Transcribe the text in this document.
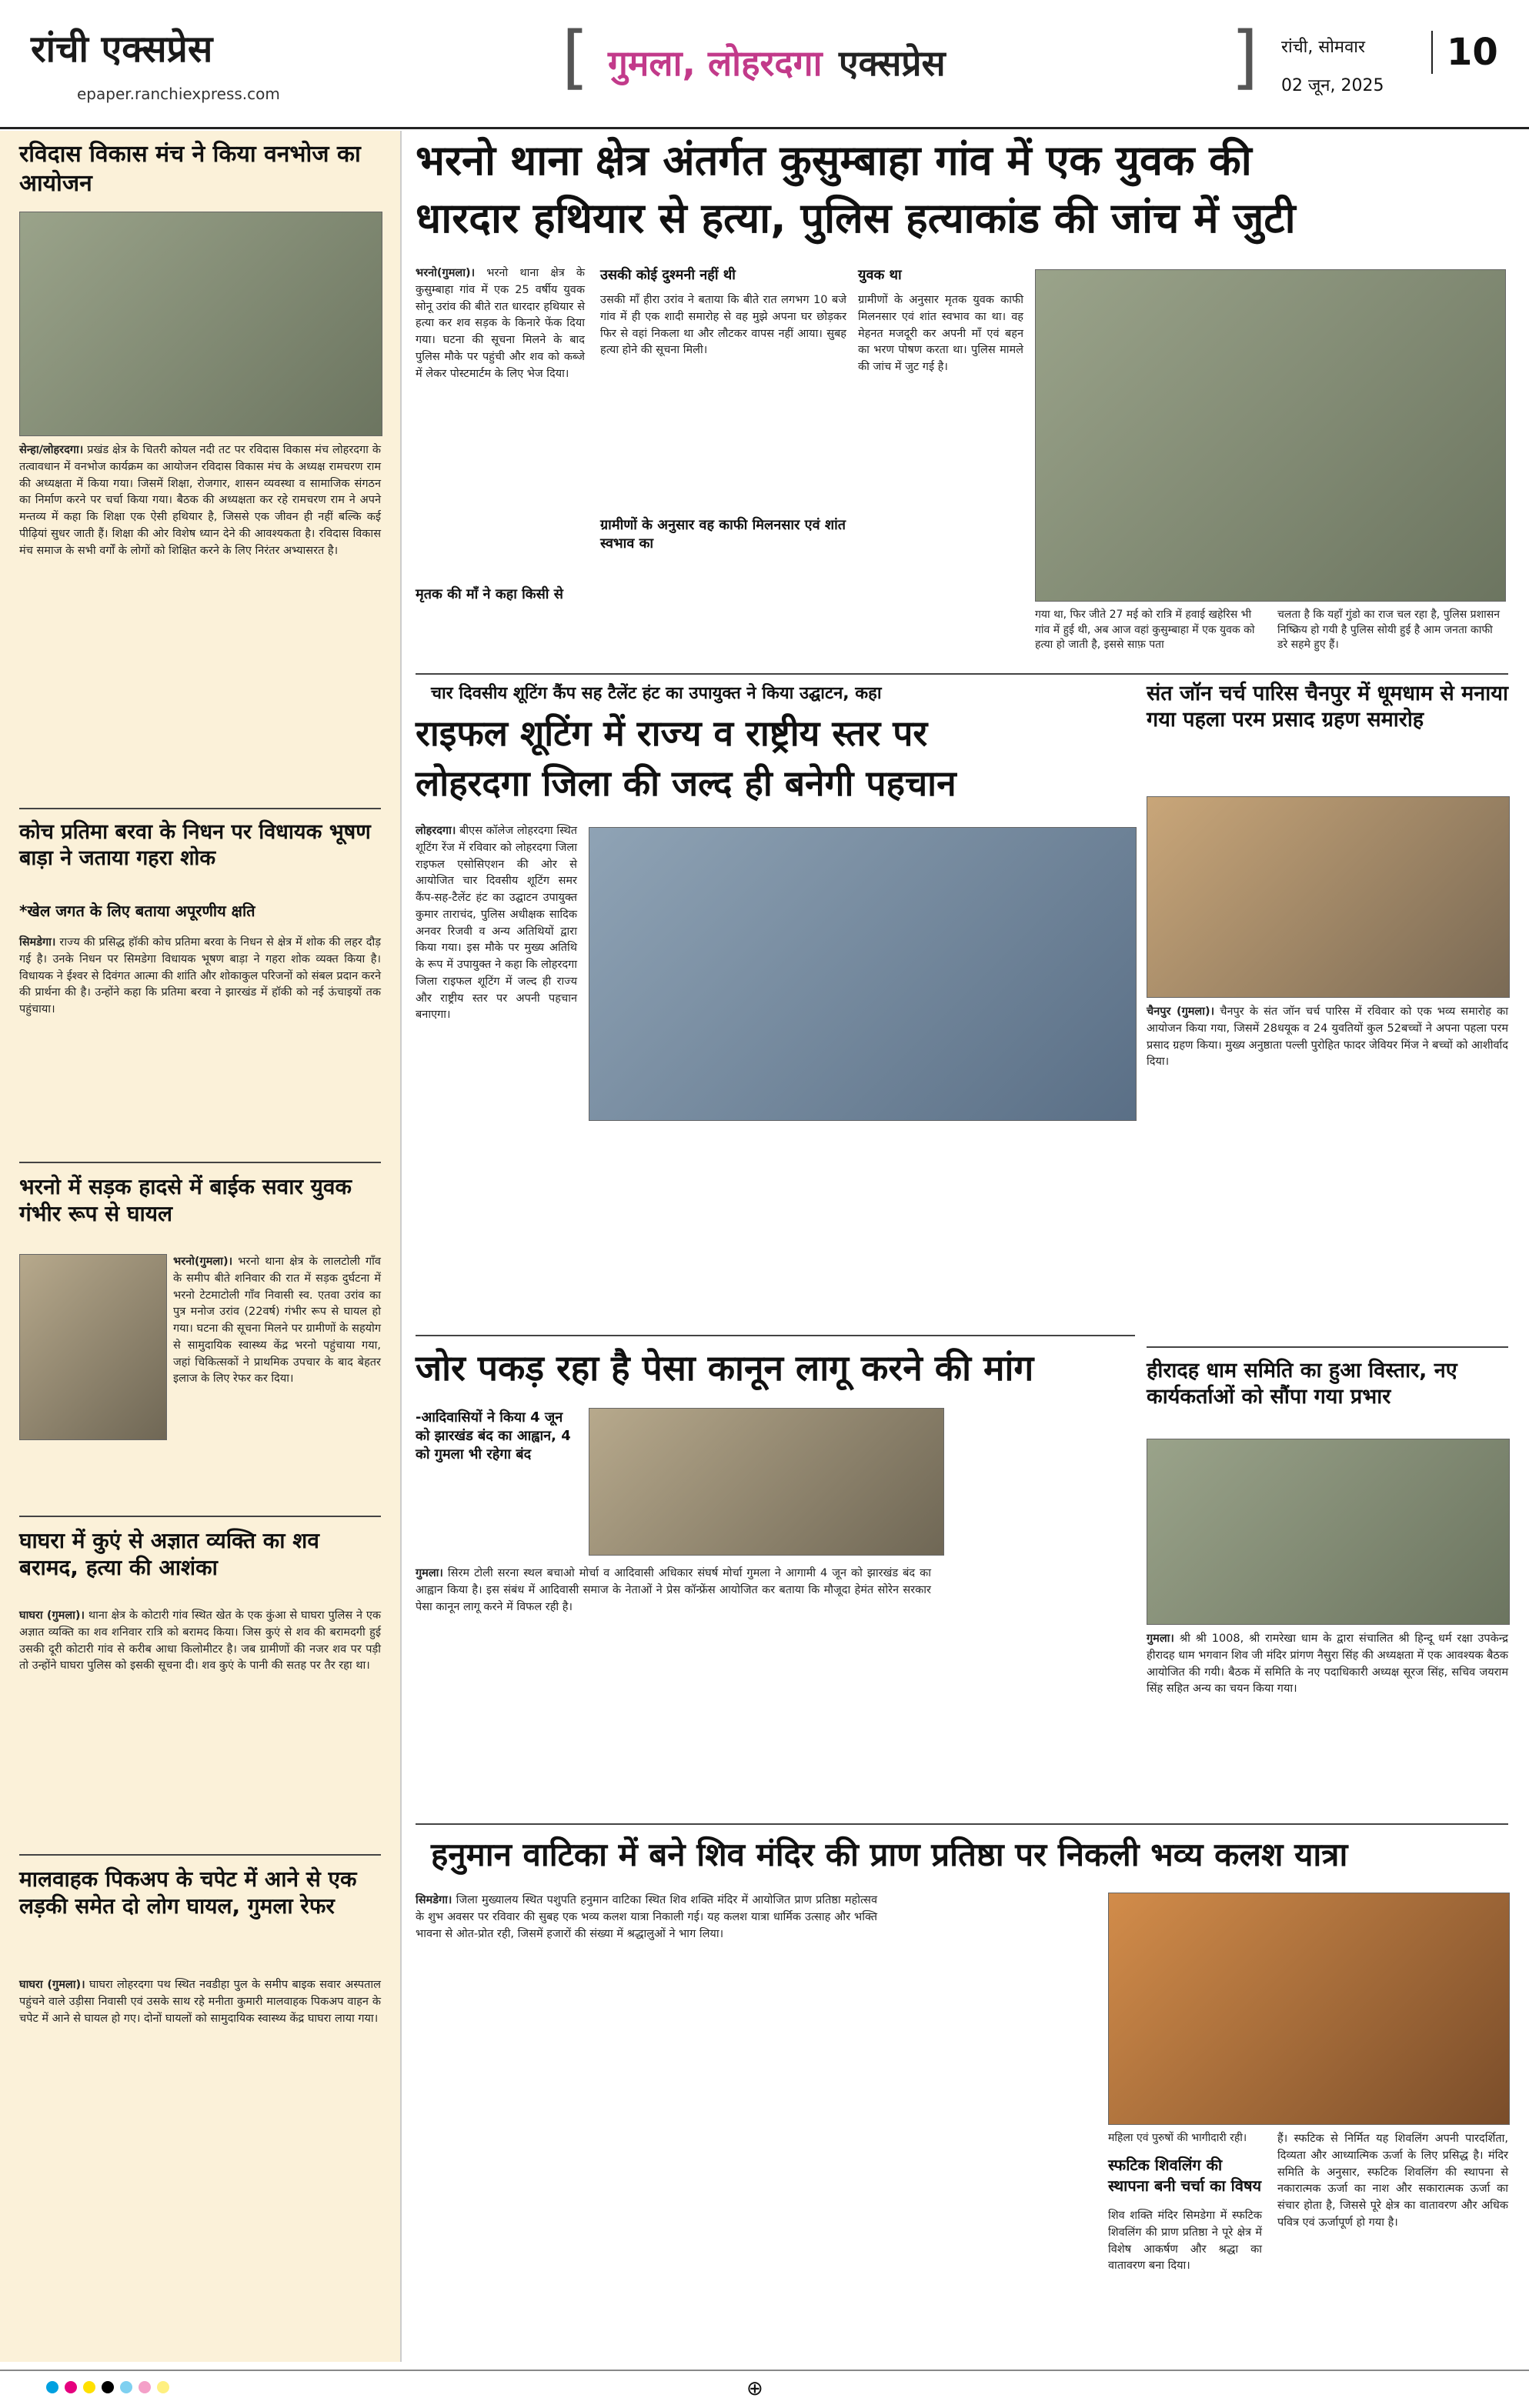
रांची एक्सप्रेस
epaper.ranchiexpress.com	[ गुमला, लोहरदगा एक्सप्रेस	] रांची, सोमवार
02 जून, 2025
10
रविदास विकास मंच ने किया वनभोज का आयोजन
सेन्हा/लोहरदगा। प्रखंड क्षेत्र के चितरी कोयल नदी तट पर रविदास विकास मंच लोहरदगा के तत्वावधान में वनभोज कार्यक्रम का आयोजन रविदास विकास मंच के अध्यक्ष रामचरण राम की अध्यक्षता में किया गया। जिसमें शिक्षा, रोजगार, शासन व्यवस्था व सामाजिक संगठन का निर्माण करने पर चर्चा किया गया। बैठक की अध्यक्षता कर रहे रामचरण राम ने अपने मन्तव्य में कहा कि शिक्षा एक ऐसी हथियार है, जिससे एक जीवन ही नहीं बल्कि कई पीढ़ियां सुधर जाती हैं। शिक्षा की ओर विशेष ध्यान देने की आवश्यकता है। रविदास विकास मंच समाज के सभी वर्गों के लोगों को शिक्षित करने के लिए निरंतर अभ्यासरत है।
कोच प्रतिमा बरवा के निधन पर विधायक भूषण बाड़ा ने जताया गहरा शोक
*खेल जगत के लिए बताया अपूरणीय क्षति
सिमडेगा। राज्य की प्रसिद्ध हॉकी कोच प्रतिमा बरवा के निधन से क्षेत्र में शोक की लहर दौड़ गई है। उनके निधन पर सिमडेगा विधायक भूषण बाड़ा ने गहरा शोक व्यक्त किया है। विधायक ने ईश्वर से दिवंगत आत्मा की शांति और शोकाकुल परिजनों को संबल प्रदान करने की प्रार्थना की है। उन्होंने कहा कि प्रतिमा बरवा ने झारखंड में हॉकी को नई ऊंचाइयों तक पहुंचाया।
भरनो में सड़क हादसे में बाईक सवार युवक गंभीर रूप से घायल
भरनो(गुमला)। भरनो थाना क्षेत्र के लालटोली गाँव के समीप बीते शनिवार की रात में सड़क दुर्घटना में भरनो टेटमाटोली गाँव निवासी स्व. एतवा उरांव का पुत्र मनोज उरांव (22वर्ष) गंभीर रूप से घायल हो गया। घटना की सूचना मिलने पर ग्रामीणों के सहयोग से सामुदायिक स्वास्थ्य केंद्र भरनो पहुंचाया गया, जहां चिकित्सकों ने प्राथमिक उपचार के बाद बेहतर इलाज के लिए रेफर कर दिया।
घाघरा में कुएं से अज्ञात व्यक्ति का शव बरामद, हत्या की आशंका
घाघरा (गुमला)। थाना क्षेत्र के कोटारी गांव स्थित खेत के एक कुंआ से घाघरा पुलिस ने एक अज्ञात व्यक्ति का शव शनिवार रात्रि को बरामद किया। जिस कुएं से शव की बरामदगी हुई उसकी दूरी कोटारी गांव से करीब आधा किलोमीटर है। जब ग्रामीणों की नजर शव पर पड़ी तो उन्होंने घाघरा पुलिस को इसकी सूचना दी। शव कुएं के पानी की सतह पर तैर रहा था।
मालवाहक पिकअप के चपेट में आने से एक लड़की समेत दो लोग घायल, गुमला रेफर
घाघरा (गुमला)। घाघरा लोहरदगा पथ स्थित नवडीहा पुल के समीप बाइक सवार अस्पताल पहुंचने वाले उड़ीसा निवासी एवं उसके साथ रहे मनीता कुमारी मालवाहक पिकअप वाहन के चपेट में आने से घायल हो गए। दोनों घायलों को सामुदायिक स्वास्थ्य केंद्र घाघरा लाया गया।
भरनो थाना क्षेत्र अंतर्गत कुसुम्बाहा गांव में एक युवक की
धारदार हथियार से हत्या, पुलिस हत्याकांड की जांच में जुटी
भरनो(गुमला)। भरनो थाना क्षेत्र के कुसुम्बाहा गांव में एक 25 वर्षीय युवक सोनू उरांव की बीते रात धारदार हथियार से हत्या कर शव सड़क के किनारे फेंक दिया गया। घटना की सूचना मिलने के बाद पुलिस मौके पर पहुंची और शव को कब्जे में लेकर पोस्टमार्टम के लिए भेज दिया।
मृतक की माँ ने कहा किसी से
उसकी कोई दुश्मनी नहीं थी
उसकी माँ हीरा उरांव ने बताया कि बीते रात लगभग 10 बजे गांव में ही एक शादी समारोह से वह मुझे अपना घर छोड़कर फिर से वहां निकला था और लौटकर वापस नहीं आया। सुबह हत्या होने की सूचना मिली।
ग्रामीणों के अनुसार वह काफी मिलनसार एवं शांत स्वभाव का
युवक था
ग्रामीणों के अनुसार मृतक युवक काफी मिलनसार एवं शांत स्वभाव का था। वह मेहनत मजदूरी कर अपनी माँ एवं बहन का भरण पोषण करता था। पुलिस मामले की जांच में जुट गई है।
गया था, फिर जीते 27 मई को रात्रि में हवाई खहेरिस भी गांव में हुई थी, अब आज वहां कुसुम्बाहा में एक युवक को हत्या हो जाती है, इससे साफ़ पता
चलता है कि यहाँ गुंडो का राज चल रहा है, पुलिस प्रशासन निष्क्रिय हो गयी है पुलिस सोयी हुई है आम जनता काफी डरे सहमे हुए हैं।
चार दिवसीय शूटिंग कैंप सह टैलेंट हंट का उपायुक्त ने किया उद्घाटन, कहा
राइफल शूटिंग में राज्य व राष्ट्रीय स्तर पर
लोहरदगा जिला की जल्द ही बनेगी पहचान
लोहरदगा। बीएस कॉलेज लोहरदगा स्थित शूटिंग रेंज में रविवार को लोहरदगा जिला राइफल एसोसिएशन की ओर से आयोजित चार दिवसीय शूटिंग समर कैंप-सह-टैलेंट हंट का उद्घाटन उपायुक्त कुमार ताराचंद, पुलिस अधीक्षक सादिक अनवर रिजवी व अन्य अतिथियों द्वारा किया गया। इस मौके पर मुख्य अतिथि के रूप में उपायुक्त ने कहा कि लोहरदगा जिला राइफल शूटिंग में जल्द ही राज्य और राष्ट्रीय स्तर पर अपनी पहचान बनाएगा।
संत जॉन चर्च पारिस चैनपुर में धूमधाम से मनाया गया पहला परम प्रसाद ग्रहण समारोह
चैनपुर (गुमला)। चैनपुर के संत जॉन चर्च पारिस में रविवार को एक भव्य समारोह का आयोजन किया गया, जिसमें 28धयूक व 24 युवतियों कुल 52बच्चों ने अपना पहला परम प्रसाद ग्रहण किया। मुख्य अनुष्ठाता पल्ली पुरोहित फादर जेवियर मिंज ने बच्चों को आशीर्वाद दिया।
हीरादह धाम समिति का हुआ विस्तार, नए कार्यकर्ताओं को सौंपा गया प्रभार
गुमला। श्री श्री 1008, श्री रामरेखा धाम के द्वारा संचालित श्री हिन्दू धर्म रक्षा उपकेन्द्र हीरादह धाम भगवान शिव जी मंदिर प्रांगण नैसुरा सिंह की अध्यक्षता में एक आवश्यक बैठक आयोजित की गयी। बैठक में समिति के नए पदाधिकारी अध्यक्ष सूरज सिंह, सचिव जयराम सिंह सहित अन्य का चयन किया गया।
जोर पकड़ रहा है पेसा कानून लागू करने की मांग
-आदिवासियों ने किया 4 जून को झारखंड बंद का आह्वान, 4 को गुमला भी रहेगा बंद
गुमला। सिरम टोली सरना स्थल बचाओ मोर्चा व आदिवासी अधिकार संघर्ष मोर्चा गुमला ने आगामी 4 जून को झारखंड बंद का आह्वान किया है। इस संबंध में आदिवासी समाज के नेताओं ने प्रेस कॉन्फ्रेंस आयोजित कर बताया कि मौजूदा हेमंत सोरेन सरकार पेसा कानून लागू करने में विफल रही है।
हनुमान वाटिका में बने शिव मंदिर की प्राण प्रतिष्ठा पर निकली भव्य कलश यात्रा
सिमडेगा। जिला मुख्यालय स्थित पशुपति हनुमान वाटिका स्थित शिव शक्ति मंदिर में आयोजित प्राण प्रतिष्ठा महोत्सव के शुभ अवसर पर रविवार की सुबह एक भव्य कलश यात्रा निकाली गई। यह कलश यात्रा धार्मिक उत्साह और भक्ति भावना से ओत-प्रोत रही, जिसमें हजारों की संख्या में श्रद्धालुओं ने भाग लिया।
महिला एवं पुरुषों की भागीदारी रही।
स्फटिक शिवलिंग की स्थापना बनी चर्चा का विषय
शिव शक्ति मंदिर सिमडेगा में स्फटिक शिवलिंग की प्राण प्रतिष्ठा ने पूरे क्षेत्र में विशेष आकर्षण और श्रद्धा का वातावरण बना दिया।
हैं। स्फटिक से निर्मित यह शिवलिंग अपनी पारदर्शिता, दिव्यता और आध्यात्मिक ऊर्जा के लिए प्रसिद्ध है। मंदिर समिति के अनुसार, स्फटिक शिवलिंग की स्थापना से नकारात्मक ऊर्जा का नाश और सकारात्मक ऊर्जा का संचार होता है, जिससे पूरे क्षेत्र का वातावरण और अधिक पवित्र एवं ऊर्जापूर्ण हो गया है।
⊕
